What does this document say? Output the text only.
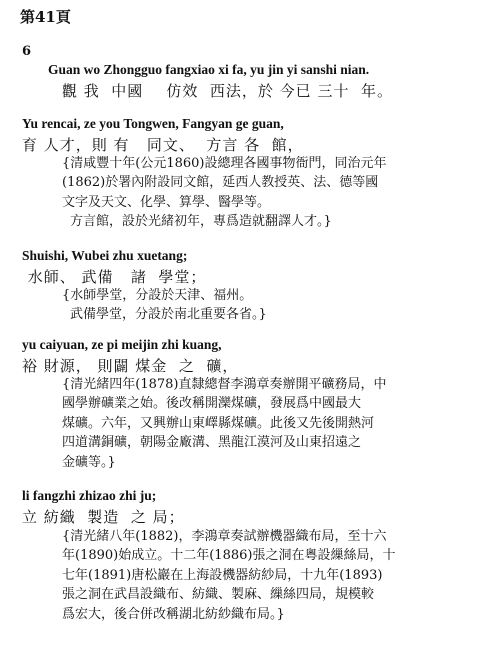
第41頁
6
Guan wo Zhongguo fangxiao xi fa, yu jin yi sanshi nian.
觀 我  中國    仿效  西法，於 今已 三十  年。
Yu rencai, ze you Tongwen, Fangyan ge guan,
育 人才，則 有   同文、  方言 各  館，
{清咸豐十年(公元1860)設總理各國事物衙門，同治元年
(1862)於署內附設同文館，延西人教授英、法、德等國
文字及天文、化學、算學、醫學等。
方言館，設於光緒初年，專爲造就翻譯人才。}
Shuishi, Wubei zhu xuetang;
水師、 武備   諸  學堂；
{水師學堂，分設於天津、福州。
武備學堂，分設於南北重要各省。}
yu caiyuan, ze pi meijin zhi kuang,
裕 財源， 則闢 煤金  之  礦，
{清光緒四年(1878)直隸總督李鴻章奏辦開平礦務局，中
國學辦礦業之始。後改稱開灤煤礦，發展爲中國最大
煤礦。六年，又興辦山東嶧縣煤礦。此後又先後開熱河
四道溝銅礦，朝陽金廠溝、黑龍江漠河及山東招遠之
金礦等。}
li fangzhi zhizao zhi ju;
立 紡織  製造  之 局；
{清光緒八年(1882)，李鴻章奏試辦機器織布局，至十六
年(1890)始成立。十二年(1886)張之洞在粵設繅絲局，十
七年(1891)唐松巖在上海設機器紡紗局，十九年(1893)
張之洞在武昌設織布、紡織、製麻、繅絲四局，規模較
爲宏大，後合併改稱湖北紡紗織布局。}
